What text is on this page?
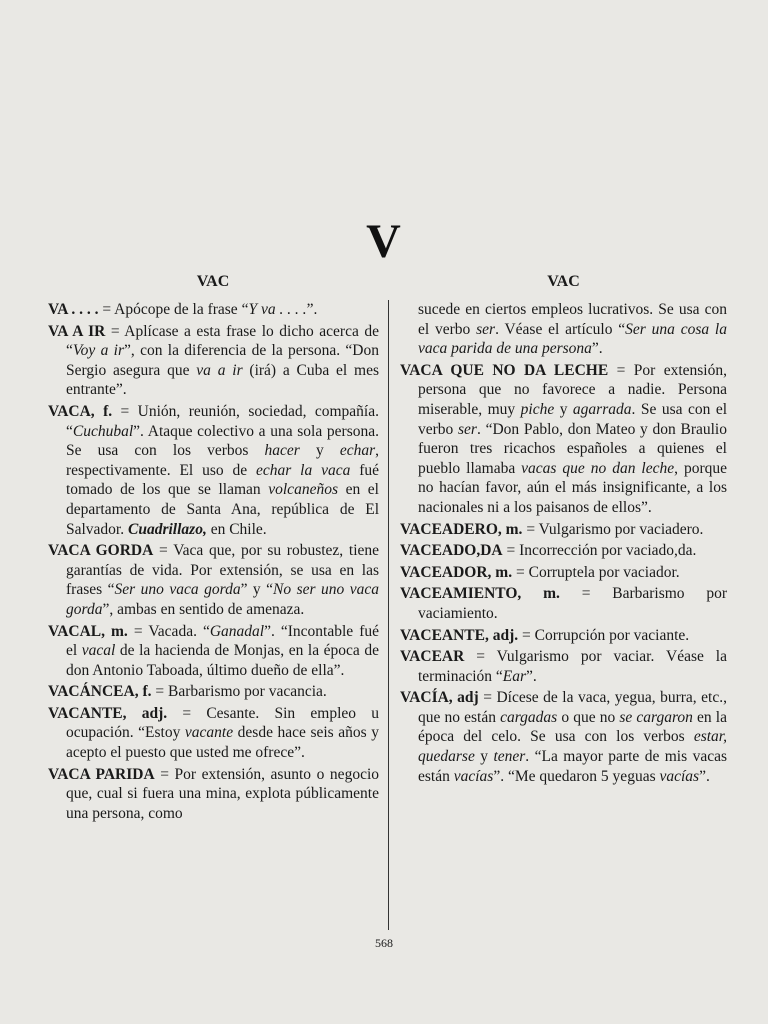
V
VAC	VAC

VA . . . . = Apócope de la frase “Y va . . . .”.

VA A IR = Aplícase a esta frase lo dicho acerca de “Voy a ir”, con la diferencia de la persona. “Don Sergio asegura que va a ir (irá) a Cuba el mes entrante”.

VACA, f. = Unión, reunión, sociedad, compañía. “Cuchubal”. Ataque colectivo a una sola persona. Se usa con los verbos hacer y echar, respectivamente. El uso de echar la vaca fué tomado de los que se llaman volcaneños en el departamento de Santa Ana, república de El Salvador. Cuadrillazo, en Chile.

VACA GORDA = Vaca que, por su robustez, tiene garantías de vida. Por extensión, se usa en las frases “Ser uno vaca gorda” y “No ser uno vaca gorda”, ambas en sentido de amenaza.

VACAL, m. = Vacada. “Ganadal”. “Incontable fué el vacal de la hacienda de Monjas, en la época de don Antonio Taboada, último dueño de ella”.

VACÁNCEA, f. = Barbarismo por vacancia.

VACANTE, adj. = Cesante. Sin empleo u ocupación. “Estoy vacante desde hace seis años y acepto el puesto que usted me ofrece”.

VACA PARIDA = Por extensión, asunto o negocio que, cual si fuera una mina, explota públicamente una persona, como

sucede en ciertos empleos lucrativos. Se usa con el verbo ser. Véase el artículo “Ser una cosa la vaca parida de una persona”.

VACA QUE NO DA LECHE = Por extensión, persona que no favorece a nadie. Persona miserable, muy piche y agarrada. Se usa con el verbo ser. “Don Pablo, don Mateo y don Braulio fueron tres ricachos españoles a quienes el pueblo llamaba vacas que no dan leche, porque no hacían favor, aún el más insignificante, a los nacionales ni a los paisanos de ellos”.

VACEADERO, m. = Vulgarismo por vaciadero.

VACEADO,DA = Incorrección por vaciado,da.

VACEADOR, m. = Corruptela por vaciador.

VACEAMIENTO, m. = Barbarismo por vaciamiento.

VACEANTE, adj. = Corrupción por vaciante.

VACEAR = Vulgarismo por vaciar. Véase la terminación “Ear”.

VACÍA, adj = Dícese de la vaca, yegua, burra, etc., que no están cargadas o que no se cargaron en la época del celo. Se usa con los verbos estar, quedarse y tener. “La mayor parte de mis vacas están vacías”. “Me quedaron 5 yeguas vacías”.

568
